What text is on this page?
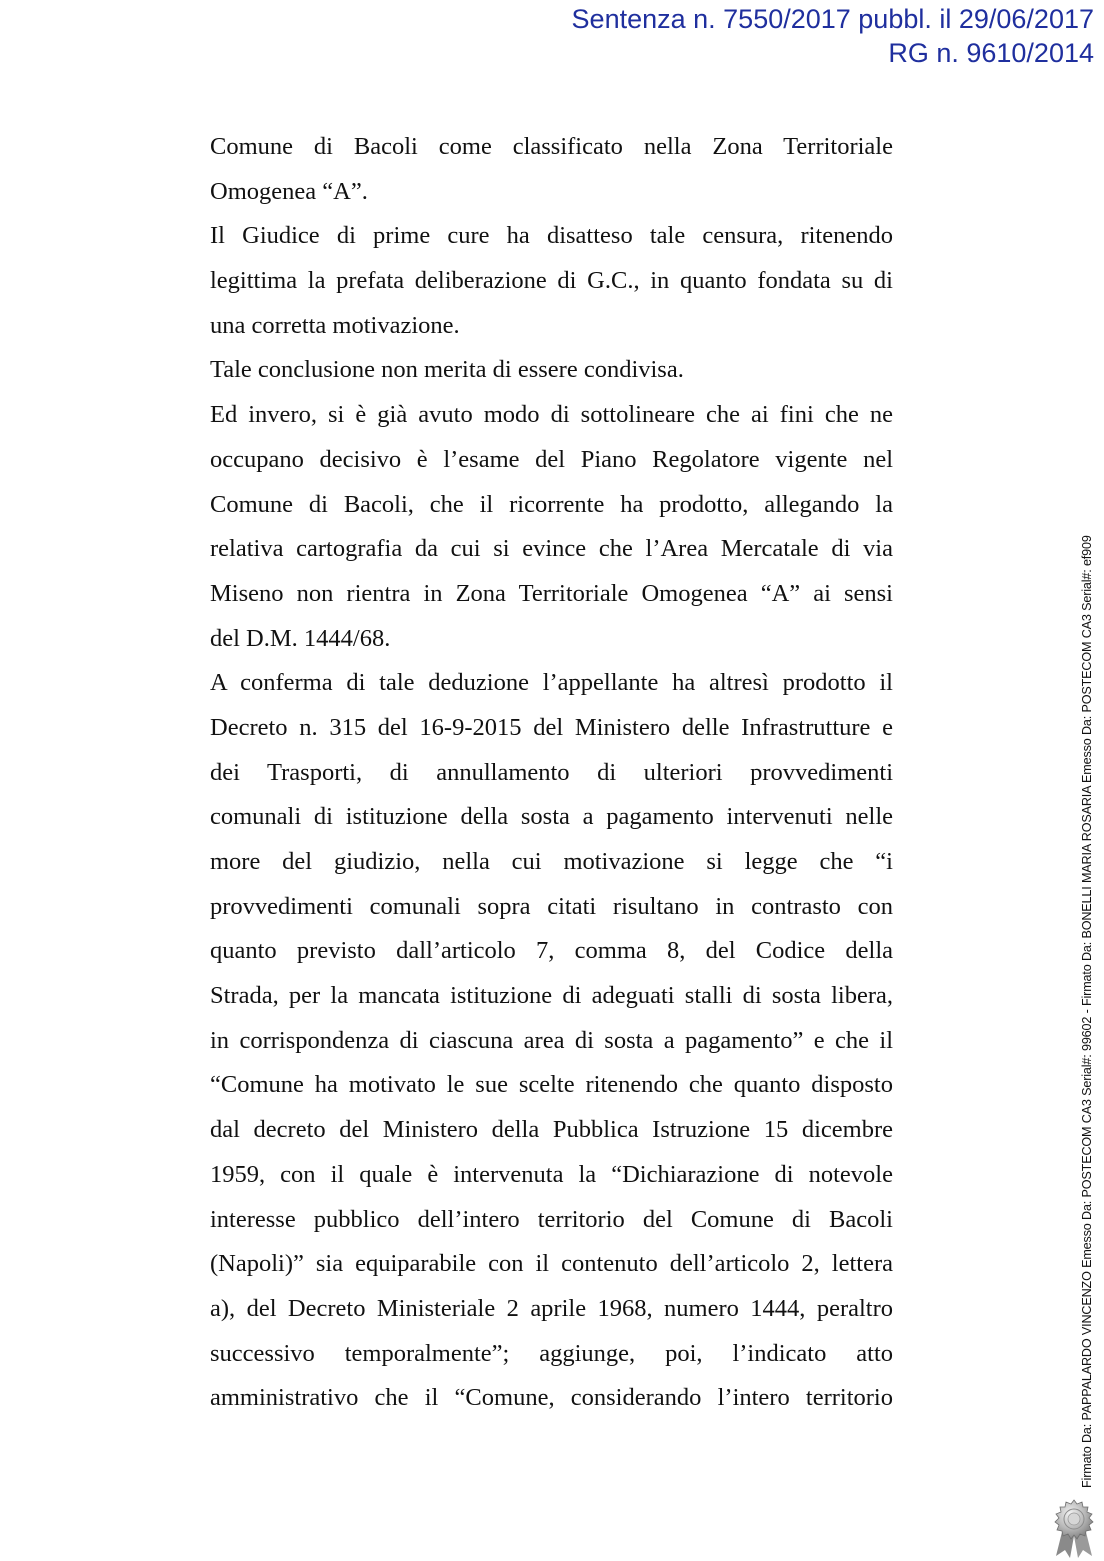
Sentenza n. 7550/2017 pubbl. il 29/06/2017
RG n. 9610/2014
Comune di Bacoli come classificato nella Zona Territoriale
Omogenea “A”.
Il Giudice di prime cure ha disatteso tale censura, ritenendo
legittima la prefata deliberazione di G.C., in quanto fondata su di
una corretta motivazione.
Tale conclusione non merita di essere condivisa.
Ed invero, si è già avuto modo di sottolineare che ai fini che ne
occupano decisivo è l’esame del Piano Regolatore vigente nel
Comune di Bacoli, che il ricorrente ha prodotto, allegando la
relativa cartografia da cui si evince che l’Area Mercatale di via
Miseno non rientra in Zona Territoriale Omogenea “A” ai sensi
del D.M. 1444/68.
A conferma di tale deduzione l’appellante ha altresì prodotto il
Decreto n. 315 del 16-9-2015 del Ministero delle Infrastrutture e
dei Trasporti, di annullamento di ulteriori provvedimenti
comunali di istituzione della sosta a pagamento intervenuti nelle
more del giudizio, nella cui motivazione si legge che “i
provvedimenti comunali sopra citati risultano in contrasto con
quanto previsto dall’articolo 7, comma 8, del Codice della
Strada, per la mancata istituzione di adeguati stalli di sosta libera,
in corrispondenza di ciascuna area di sosta a pagamento” e che il
“Comune ha motivato le sue scelte ritenendo che quanto disposto
dal decreto del Ministero della Pubblica Istruzione 15 dicembre
1959, con il quale è intervenuta la “Dichiarazione di notevole
interesse pubblico dell’intero territorio del Comune di Bacoli
(Napoli)” sia equiparabile con il contenuto dell’articolo 2, lettera
a), del Decreto Ministeriale 2 aprile 1968, numero 1444, peraltro
successivo temporalmente”; aggiunge, poi, l’indicato atto
amministrativo che il “Comune, considerando l’intero territorio	Firmato Da: PAPPALARDO VINCENZO Emesso Da: POSTECOM CA3 Serial#: 99602 - Firmato Da: BONELLI MARIA ROSARIA Emesso Da: POSTECOM CA3 Serial#: ef909
